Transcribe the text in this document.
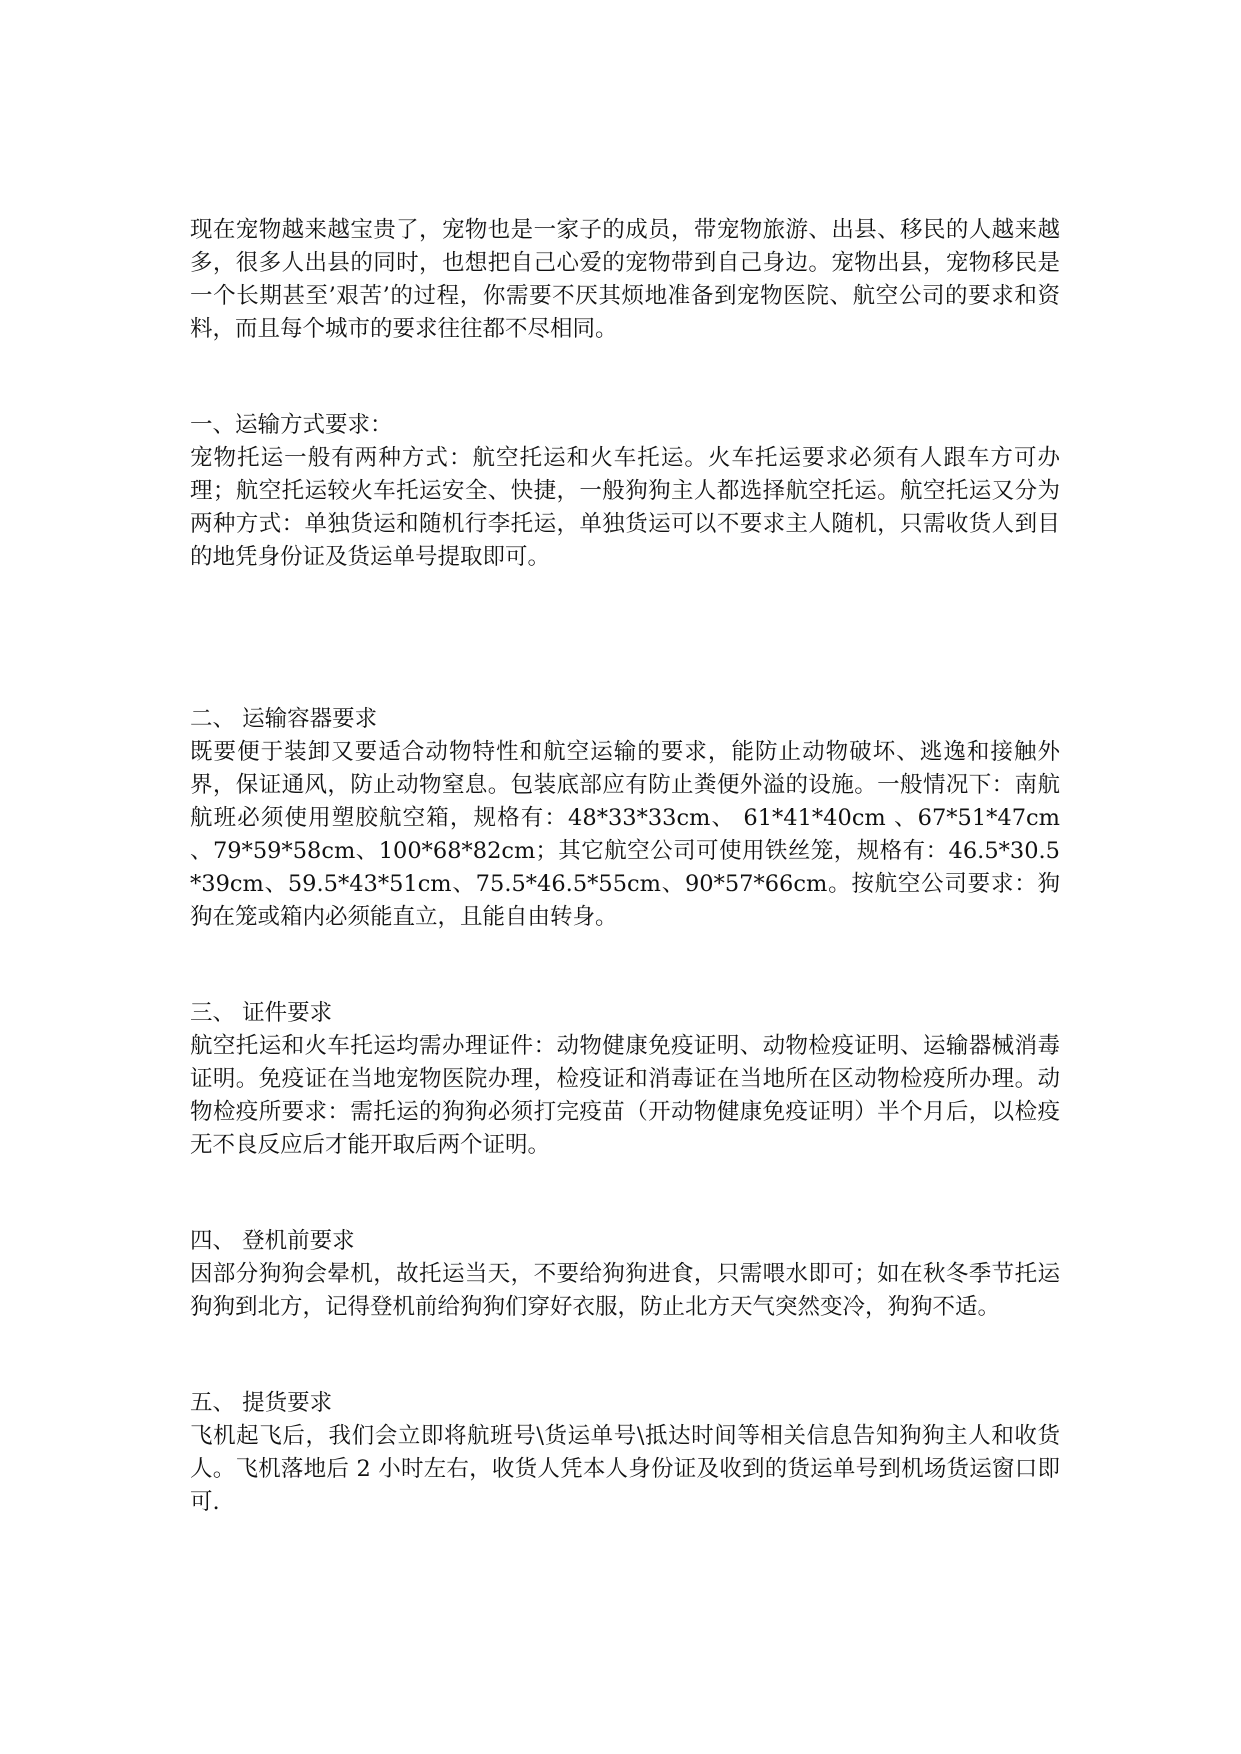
现在宠物越来越宝贵了，宠物也是一家子的成员，带宠物旅游、出县、移民的人越来越多，很多人出县的同时，也想把自己心爱的宠物带到自己身边。宠物出县，宠物移民是一个长期甚至’艰苦’的过程，你需要不厌其烦地准备到宠物医院、航空公司的要求和资料，而且每个城市的要求往往都不尽相同。

一、运输方式要求：

宠物托运一般有两种方式：航空托运和火车托运。火车托运要求必须有人跟车方可办理；航空托运较火车托运安全、快捷，一般狗狗主人都选择航空托运。航空托运又分为两种方式：单独货运和随机行李托运，单独货运可以不要求主人随机，只需收货人到目的地凭身份证及货运单号提取即可。

二、 运输容器要求

既要便于装卸又要适合动物特性和航空运输的要求，能防止动物破坏、逃逸和接触外界，保证通风，防止动物窒息。包装底部应有防止粪便外溢的设施。一般情况下：南航航班必须使用塑胶航空箱，规格有：48*33*33cm、 61*41*40cm 、67*51*47cm 、79*59*58cm、100*68*82cm；其它航空公司可使用铁丝笼，规格有：46.5*30.5*39cm、59.5*43*51cm、75.5*46.5*55cm、90*57*66cm。按航空公司要求：狗狗在笼或箱内必须能直立，且能自由转身。

三、 证件要求

航空托运和火车托运均需办理证件：动物健康免疫证明、动物检疫证明、运输器械消毒证明。免疫证在当地宠物医院办理，检疫证和消毒证在当地所在区动物检疫所办理。动物检疫所要求：需托运的狗狗必须打完疫苗（开动物健康免疫证明）半个月后，以检疫无不良反应后才能开取后两个证明。

四、 登机前要求

因部分狗狗会晕机，故托运当天，不要给狗狗进食，只需喂水即可；如在秋冬季节托运狗狗到北方，记得登机前给狗狗们穿好衣服，防止北方天气突然变冷，狗狗不适。

五、 提货要求

飞机起飞后，我们会立即将航班号\货运单号\抵达时间等相关信息告知狗狗主人和收货人。飞机落地后 2 小时左右，收货人凭本人身份证及收到的货运单号到机场货运窗口即可.
